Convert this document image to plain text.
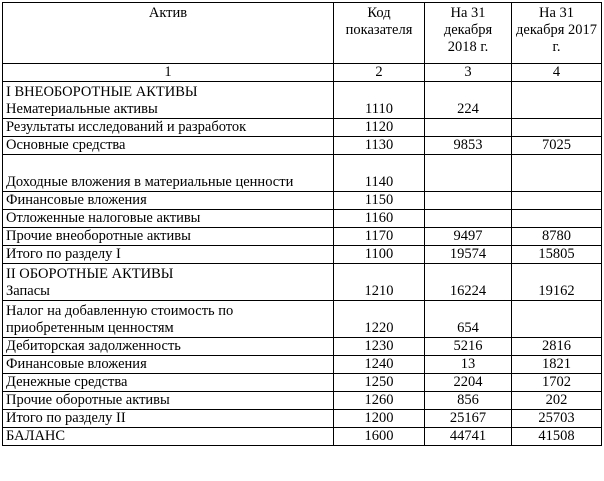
Актив	Код показателя	На 31 декабря 2018 г.	На 31 декабря 2017 г.
1	2	3	4

I ВНЕОБОРОТНЫЕ АКТИВЫ
Нематериальные активы	1110	224	
Результаты исследований и разработок	1120		
Основные средства	1130	9853	7025
Доходные вложения в материальные ценности	1140		
Финансовые вложения	1150		
Отложенные налоговые активы	1160		
Прочие внеоборотные активы	1170	9497	8780
Итого по разделу I	1100	19574	15805

II ОБОРОТНЫЕ АКТИВЫ
Запасы	1210	16224	19162
Налог на добавленную стоимость по приобретенным ценностям	1220	654	
Дебиторская задолженность	1230	5216	2816
Финансовые вложения	1240	13	1821
Денежные средства	1250	2204	1702
Прочие оборотные активы	1260	856	202
Итого по разделу II	1200	25167	25703
БАЛАНС	1600	44741	41508
